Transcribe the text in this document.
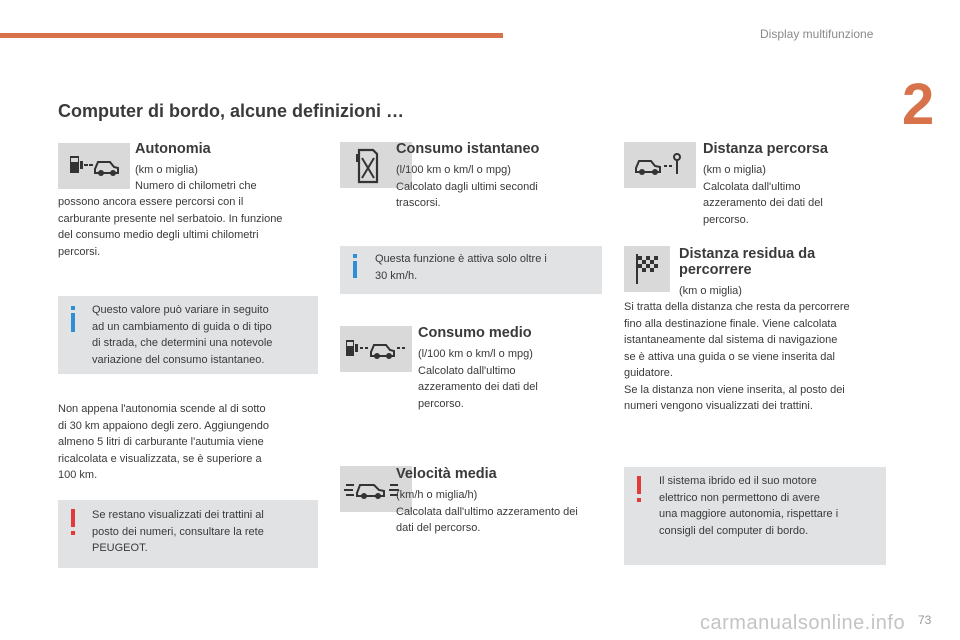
Display multifunzione
2
Computer di bordo, alcune definizioni …
Autonomia

(km o miglia)

Numero di chilometri che

possono ancora essere percorsi con il
carburante presente nel serbatoio. In funzione
del consumo medio degli ultimi chilometri
percorsi.

Questo valore può variare in seguito
ad un cambiamento di guida o di tipo
di strada, che determini una notevole
variazione del consumo istantaneo.

Non appena l'autonomia scende al di sotto
di 30 km appaiono degli zero. Aggiungendo
almeno 5 litri di carburante l'autumia viene
ricalcolata e visualizzata, se è superiore a
100 km.

Se restano visualizzati dei trattini al
posto dei numeri, consultare la rete
PEUGEOT.

Consumo istantaneo

(l/100 km o km/l o mpg)
Calcolato dagli ultimi secondi
trascorsi.

Questa funzione è attiva solo oltre i
30 km/h.

Consumo medio

(l/100 km o km/l o mpg)
Calcolato dall'ultimo
azzeramento dei dati del
percorso.

Velocità media

(km/h o miglia/h)
Calcolata dall'ultimo azzeramento dei
dati del percorso.

Distanza percorsa

(km o miglia)
Calcolata dall'ultimo
azzeramento dei dati del
percorso.

Distanza residua da
percorrere

(km o miglia)

Si tratta della distanza che resta da percorrere
fino alla destinazione finale. Viene calcolata
istantaneamente dal sistema di navigazione
se è attiva una guida o se viene inserita dal
guidatore.
Se la distanza non viene inserita, al posto dei
numeri vengono visualizzati dei trattini.

Il sistema ibrido ed il suo motore
elettrico non permettono di avere
una maggiore autonomia, rispettare i
consigli del computer di bordo.

carmanualsonline.info 73
